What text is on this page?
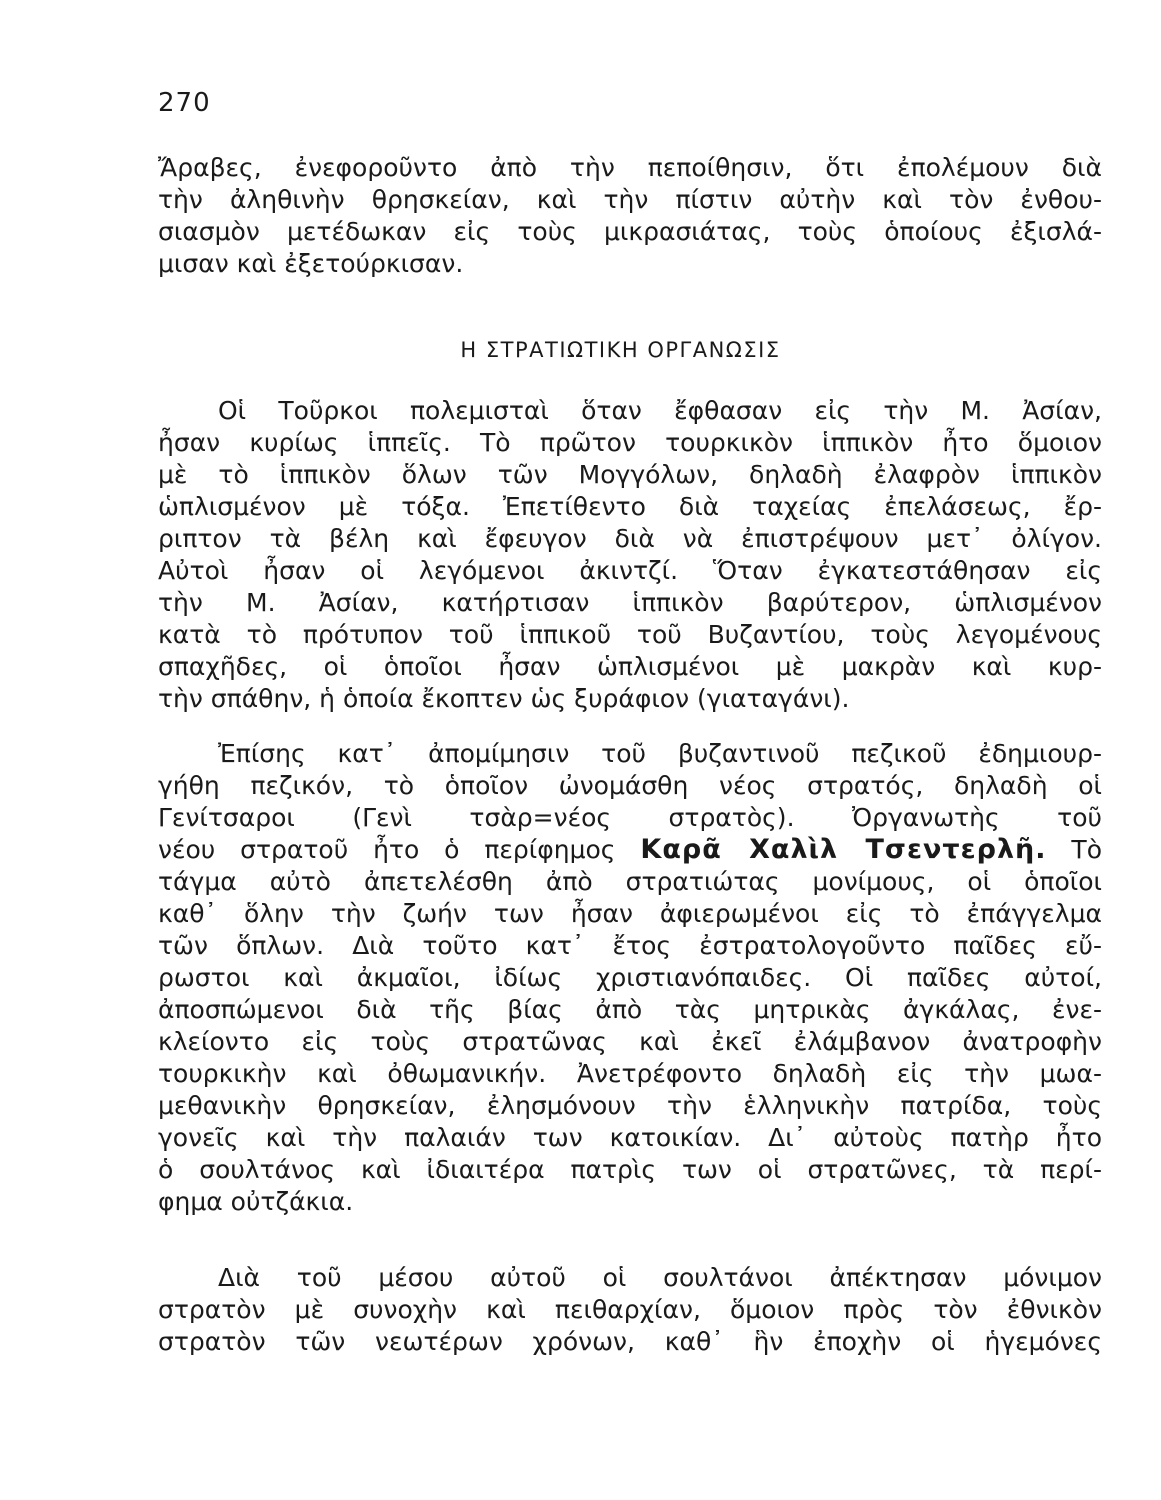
270
Ἄραβες, ἐνεφοροῦντο ἀπὸ τὴν πεποίθησιν, ὅτι ἐπολέμουν διὰ
τὴν ἀληθινὴν θρησκείαν, καὶ τὴν πίστιν αὐτὴν καὶ τὸν ἐνθου-
σιασμὸν μετέδωκαν εἰς τοὺς μικρασιάτας, τοὺς ὁποίους ἐξισλά-
μισαν καὶ ἐξετούρκισαν.
Η ΣΤΡΑΤΙΩΤΙΚΗ ΟΡΓΑΝΩΣΙΣ
Οἱ Τοῦρκοι πολεμισταὶ ὅταν ἔφθασαν εἰς τὴν Μ. Ἀσίαν,
ἦσαν κυρίως ἱππεῖς. Τὸ πρῶτον τουρκικὸν ἱππικὸν ἦτο ὅμοιον
μὲ τὸ ἱππικὸν ὅλων τῶν Μογγόλων, δηλαδὴ ἐλαφρὸν ἱππικὸν
ὡπλισμένον μὲ τόξα. Ἐπετίθεντο διὰ ταχείας ἐπελάσεως, ἔρ-
ριπτον τὰ βέλη καὶ ἔφευγον διὰ νὰ ἐπιστρέψουν μετ᾽ ὀλίγον.
Αὐτοὶ ἦσαν οἱ λεγόμενοι ἀκιντζί. Ὅταν ἐγκατεστάθησαν εἰς
τὴν Μ. Ἀσίαν, κατήρτισαν ἱππικὸν βαρύτερον, ὡπλισμένον
κατὰ τὸ πρότυπον τοῦ ἱππικοῦ τοῦ Βυζαντίου, τοὺς λεγομένους
σπαχῆδες, οἱ ὁποῖοι ἦσαν ὡπλισμένοι μὲ μακρὰν καὶ κυρ-
τὴν σπάθην, ἡ ὁποία ἔκοπτεν ὡς ξυράφιον (γιαταγάνι).
Ἐπίσης κατ᾽ ἀπομίμησιν τοῦ βυζαντινοῦ πεζικοῦ ἐδημιουρ-
γήθη πεζικόν, τὸ ὁποῖον ὠνομάσθη νέος στρατός, δηλαδὴ οἱ
Γενίτσαροι (Γενὶ τσὰρ=νέος στρατὸς). Ὀργανωτὴς τοῦ
νέου στρατοῦ ἦτο ὁ περίφημος Καρᾶ Χαλὶλ Τσεντερλῆ. Τὸ
τάγμα αὐτὸ ἀπετελέσθη ἀπὸ στρατιώτας μονίμους, οἱ ὁποῖοι
καθ᾽ ὅλην τὴν ζωήν των ἦσαν ἀφιερωμένοι εἰς τὸ ἐπάγγελμα
τῶν ὅπλων. Διὰ τοῦτο κατ᾽ ἔτος ἐστρατολογοῦντο παῖδες εὔ-
ρωστοι καὶ ἀκμαῖοι, ἰδίως χριστιανόπαιδες. Οἱ παῖδες αὐτοί,
ἀποσπώμενοι διὰ τῆς βίας ἀπὸ τὰς μητρικὰς ἀγκάλας, ἐνε-
κλείοντο εἰς τοὺς στρατῶνας καὶ ἐκεῖ ἐλάμβανον ἀνατροφὴν
τουρκικὴν καὶ ὀθωμανικήν. Ἀνετρέφοντο δηλαδὴ εἰς τὴν μωα-
μεθανικὴν θρησκείαν, ἐλησμόνουν τὴν ἑλληνικὴν πατρίδα, τοὺς
γονεῖς καὶ τὴν παλαιάν των κατοικίαν. Δι᾽ αὐτοὺς πατὴρ ἦτο
ὁ σουλτάνος καὶ ἰδιαιτέρα πατρὶς των οἱ στρατῶνες, τὰ περί-
φημα οὐτζάκια.
Διὰ τοῦ μέσου αὐτοῦ οἱ σουλτάνοι ἀπέκτησαν μόνιμον
στρατὸν μὲ συνοχὴν καὶ πειθαρχίαν, ὅμοιον πρὸς τὸν ἐθνικὸν
στρατὸν τῶν νεωτέρων χρόνων, καθ᾽ ἣν ἐποχὴν οἱ ἡγεμόνες
